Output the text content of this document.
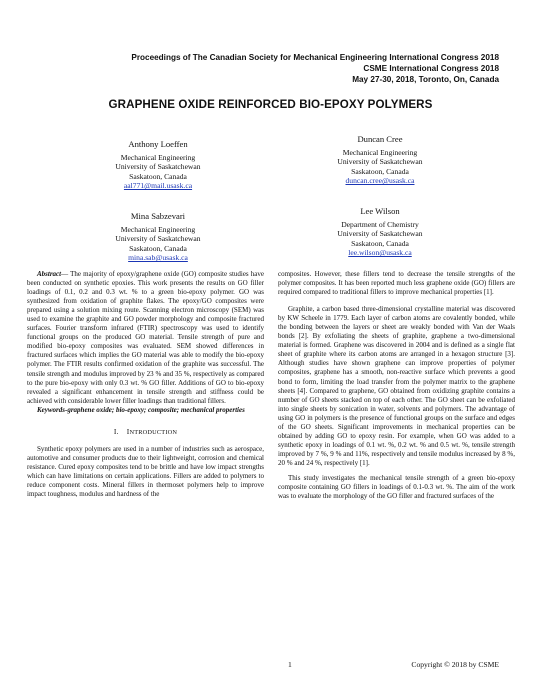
Proceedings of The Canadian Society for Mechanical Engineering International Congress 2018
CSME International Congress 2018
May 27-30, 2018, Toronto, On, Canada
GRAPHENE OXIDE REINFORCED BIO-EPOXY POLYMERS
Anthony Loeffen
Mechanical Engineering
University of Saskatchewan
Saskatoon, Canada
aal771@mail.usask.ca
Duncan Cree
Mechanical Engineering
University of Saskatchewan
Saskatoon, Canada
duncan.cree@usask.ca
Mina Sabzevari
Mechanical Engineering
University of Saskatchewan
Saskatoon, Canada
mina.sab@usask.ca
Lee Wilson
Department of Chemistry
University of Saskatchewan
Saskatoon, Canada
lee.wilson@usask.ca

Abstract— The majority of epoxy/graphene oxide (GO) composite studies have been conducted on synthetic epoxies. This work presents the results on GO filler loadings of 0.1, 0.2 and 0.3 wt. % to a green bio-epoxy polymer. GO was synthesized from oxidation of graphite flakes. The epoxy/GO composites were prepared using a solution mixing route. Scanning electron microscopy (SEM) was used to examine the graphite and GO powder morphology and composite fractured surfaces. Fourier transform infrared (FTIR) spectroscopy was used to identify functional groups on the produced GO material. Tensile strength of pure and modified bio-epoxy composites was evaluated. SEM showed differences in fractured surfaces which implies the GO material was able to modify the bio-epoxy polymer. The FTIR results confirmed oxidation of the graphite was successful. The tensile strength and modulus improved by 23 % and 35 %, respectively as compared to the pure bio-epoxy with only 0.3 wt. % GO filler. Additions of GO to bio-epoxy revealed a significant enhancement in tensile strength and stiffness could be achieved with considerable lower filler loadings than traditional fillers.

Keywords-graphene oxide; bio-epoxy; composite; mechanical properties

I. INTRODUCTION

Synthetic epoxy polymers are used in a number of industries such as aerospace, automotive and consumer products due to their lightweight, corrosion and chemical resistance. Cured epoxy composites tend to be brittle and have low impact strengths which can have limitations on certain applications. Fillers are added to polymers to reduce component costs. Mineral fillers in thermoset polymers help to improve impact toughness, modulus and hardness of the

composites. However, these fillers tend to decrease the tensile strengths of the polymer composites. It has been reported much less graphene oxide (GO) fillers are required compared to traditional fillers to improve mechanical properties [1].

Graphite, a carbon based three-dimensional crystalline material was discovered by KW Scheele in 1779. Each layer of carbon atoms are covalently bonded, while the bonding between the layers or sheet are weakly bonded with Van der Waals bonds [2]. By exfoliating the sheets of graphite, graphene a two-dimensional material is formed. Graphene was discovered in 2004 and is defined as a single flat sheet of graphite where its carbon atoms are arranged in a hexagon structure [3]. Although studies have shown graphene can improve properties of polymer composites, graphene has a smooth, non-reactive surface which prevents a good bond to form, limiting the load transfer from the polymer matrix to the graphene sheets [4]. Compared to graphene, GO obtained from oxidizing graphite contains a number of GO sheets stacked on top of each other. The GO sheet can be exfoliated into single sheets by sonication in water, solvents and polymers. The advantage of using GO in polymers is the presence of functional groups on the surface and edges of the GO sheets. Significant improvements in mechanical properties can be obtained by adding GO to epoxy resin. For example, when GO was added to a synthetic epoxy in loadings of 0.1 wt. %, 0.2 wt. % and 0.5 wt. %, tensile strength improved by 7 %, 9 % and 11%, respectively and tensile modulus increased by 8 %, 20 % and 24 %, respectively [1].

This study investigates the mechanical tensile strength of a green bio-epoxy composite containing GO fillers in loadings of 0.1-0.3 wt. %. The aim of the work was to evaluate the morphology of the GO filler and fractured surfaces of the

1	Copyright © 2018 by CSME
